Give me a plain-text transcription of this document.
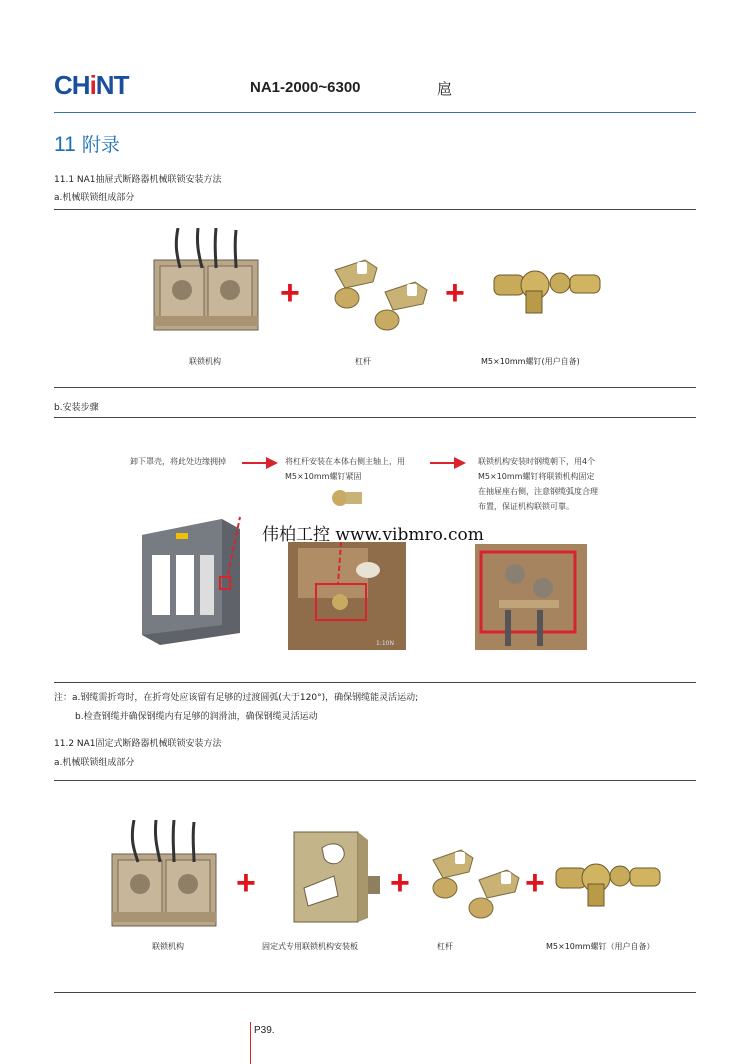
CHiNT	NA1-2000~6300	扈
11 附录
11.1 NA1抽屉式断路器机械联锁安装方法
a.机械联锁组成部分
+	+
联锁机构	杠杆	M5×10mm螺钉(用户自备)
b.安装步骤
卸下罩壳，将此处边缘拥掉	将杠杆安装在本体右侧主轴上，用M5×10mm螺钉紧固
联锁机构安装时钢缆朝下，用4个M5×10mm螺钉将联锁机构固定在抽屉座右侧，注意钢缆弧度合理布置，保证机构联锁可靠。
1:10N
伟柏工控 www.vibmro.com
注：a.钢缆需折弯时，在折弯处应该留有足够的过渡圆弧(大于120°)，确保钢缆能灵活运动;
b.检查钢缆并确保钢缆内有足够的润滑油，确保钢缆灵活运动
11.2 NA1固定式断路器机械联锁安装方法
a.机械联锁组成部分
+	+	+
联锁机构	固定式专用联锁机构安装板	杠杆	M5×10mm螺钉（用户自备）
P39.
